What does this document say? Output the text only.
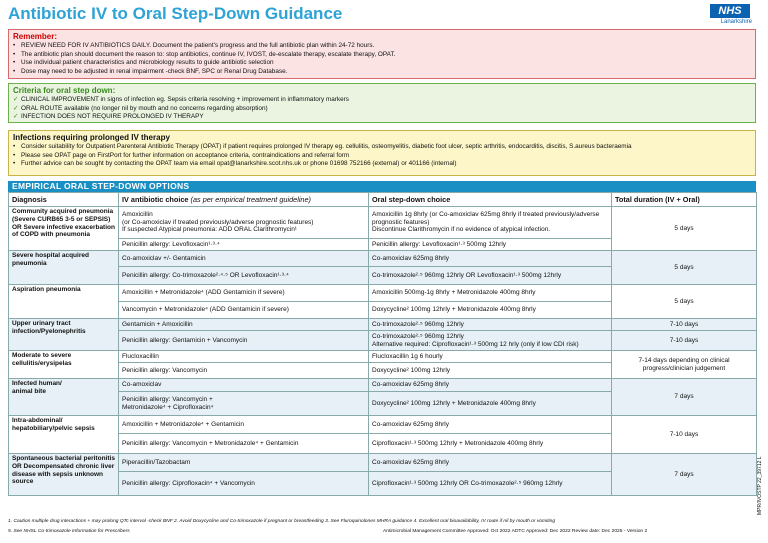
Antibiotic IV to Oral Step-Down Guidance	NHS
Lanarkshire
Remember:
• REVIEW NEED FOR IV ANTIBIOTICS DAILY. Document the patient's progress and the full antibiotic plan within 24-72 hours.
• The antibiotic plan should document the reason to: stop antibiotics, continue IV, IVOST, de-escalate therapy, escalate therapy, OPAT.
• Use individual patient characteristics and microbiology results to guide antibiotic selection
• Dose may need to be adjusted in renal impairment -check BNF, SPC or Renal Drug Database.
Criteria for oral step down:
✓ CLINICAL IMPROVEMENT in signs of infection eg. Sepsis criteria resolving + improvement in inflammatory markers
✓ ORAL ROUTE available (no longer nil by mouth and no concerns regarding absorption)
✓ INFECTION DOES NOT REQUIRE PROLONGED IV THERAPY
Infections requiring prolonged IV therapy
• Consider suitability for Outpatient Parenteral Antibiotic Therapy (OPAT) if patient requires prolonged IV therapy eg. cellulitis, osteomyelitis, diabetic foot ulcer, septic arthritis, endocarditis, discitis, S.aureus bacteraemia
• Please see OPAT page on FirstPort for further information on acceptance criteria, contraindications and referral form
• Further advice can be sought by contacting the OPAT team via email opat@lanarkshire.scot.nhs.uk or phone 01698 752166 (external) or 401166 (internal)
EMPIRICAL ORAL STEP-DOWN OPTIONS
Diagnosis	IV antibiotic choice (as per empirical treatment guideline)	Oral step-down choice	Total duration (IV + Oral)
Community acquired pneumonia (Severe CURB65 3-5 or SEPSIS) OR Severe infective exacerbation of COPD with pneumonia	Amoxicillin
(or Co-amoxiclav if treated previously/adverse prognostic features)
If suspected Atypical pneumonia: ADD ORAL Clarithromycin¹	Amoxicillin 1g 8hrly (or Co-amoxiclav 625mg 8hrly if treated previously/adverse prognostic features)
Discontinue Clarithromycin if no evidence of atypical infection.	5 days
	Penicillin allergy: Levofloxacin¹·³·⁴	Penicillin allergy: Levofloxacin¹·³ 500mg 12hrly	
Severe hospital acquired pneumonia	Co-amoxiclav +/- Gentamicin	Co-amoxiclav 625mg 8hrly	5 days
	Penicillin allergy: Co-trimoxazole²·⁴·⁵ OR Levofloxacin¹·³·⁴	Co-trimoxazole²·⁵ 960mg 12hrly OR Levofloxacin¹·³ 500mg 12hrly	
Aspiration pneumonia	Amoxicillin + Metronidazole⁴ (ADD Gentamicin if severe)	Amoxicillin 500mg-1g 8hrly + Metronidazole 400mg 8hrly	5 days
	Vancomycin + Metronidazole⁴ (ADD Gentamicin if severe)	Doxycycline² 100mg 12hrly + Metronidazole 400mg 8hrly	
Upper urinary tract infection/Pyelonephritis	Gentamicin + Amoxicillin	Co-trimoxazole²·⁵ 960mg 12hrly	7-10 days
	Penicillin allergy: Gentamicin + Vancomycin	Co-trimoxazole²·⁵ 960mg 12hrly
Alternative required: Ciprofloxacin¹·³ 500mg 12 hrly (only if low CDI risk)	7-10 days
Moderate to severe cellulitis/erysipelas	Flucloxacillin	Flucloxacillin 1g 6 hourly	7-14 days depending on clinical progress/clinician judgement
	Penicillin allergy: Vancomycin	Doxycycline² 100mg 12hrly	
Infected human/
animal bite	Co-amoxiclav	Co-amoxiclav 625mg 8hrly	7 days
	Penicillin allergy: Vancomycin +
Metronidazole⁴ + Ciprofloxacin⁴	Doxycycline² 100mg 12hrly + Metronidazole 400mg 8hrly	
Intra-abdominal/
hepatobiliary/pelvic sepsis	Amoxicillin + Metronidazole⁴ + Gentamicin	Co-amoxiclav 625mg 8hrly	7-10 days
	Penicillin allergy: Vancomycin + Metronidazole⁴ + Gentamicin	Ciprofloxacin¹·³ 500mg 12hrly + Metronidazole 400mg 8hrly	
Spontaneous bacterial peritonitis OR Decompensated chronic liver disease with sepsis unknown source	Piperacillin/Tazobactam	Co-amoxiclav 625mg 8hrly	7 days
	Penicillin allergy: Ciprofloxacin⁴ + Vancomycin	Ciprofloxacin¹·³ 500mg 12hrly OR Co-trimoxazole²·⁵ 960mg 12hrly	
1. Caution multiple drug interactions + may prolong QTc interval -check BNF 2. Avoid Doxycycline and Co-trimoxazole if pregnant or breastfeeding 3. See Fluroquinolones MHRA guidance 4. Excellent oral bioavailability, IV route if nil by mouth or vomiting
5. See NHSL Co-trimoxazole Information for Prescribers	Antimicrobial Management Committee Approved: Oct 2022 ADTC Approved: Dec 2022 Review date: Dec 2025 - Version 2
MPR/IVOSTP 22_39712 L
